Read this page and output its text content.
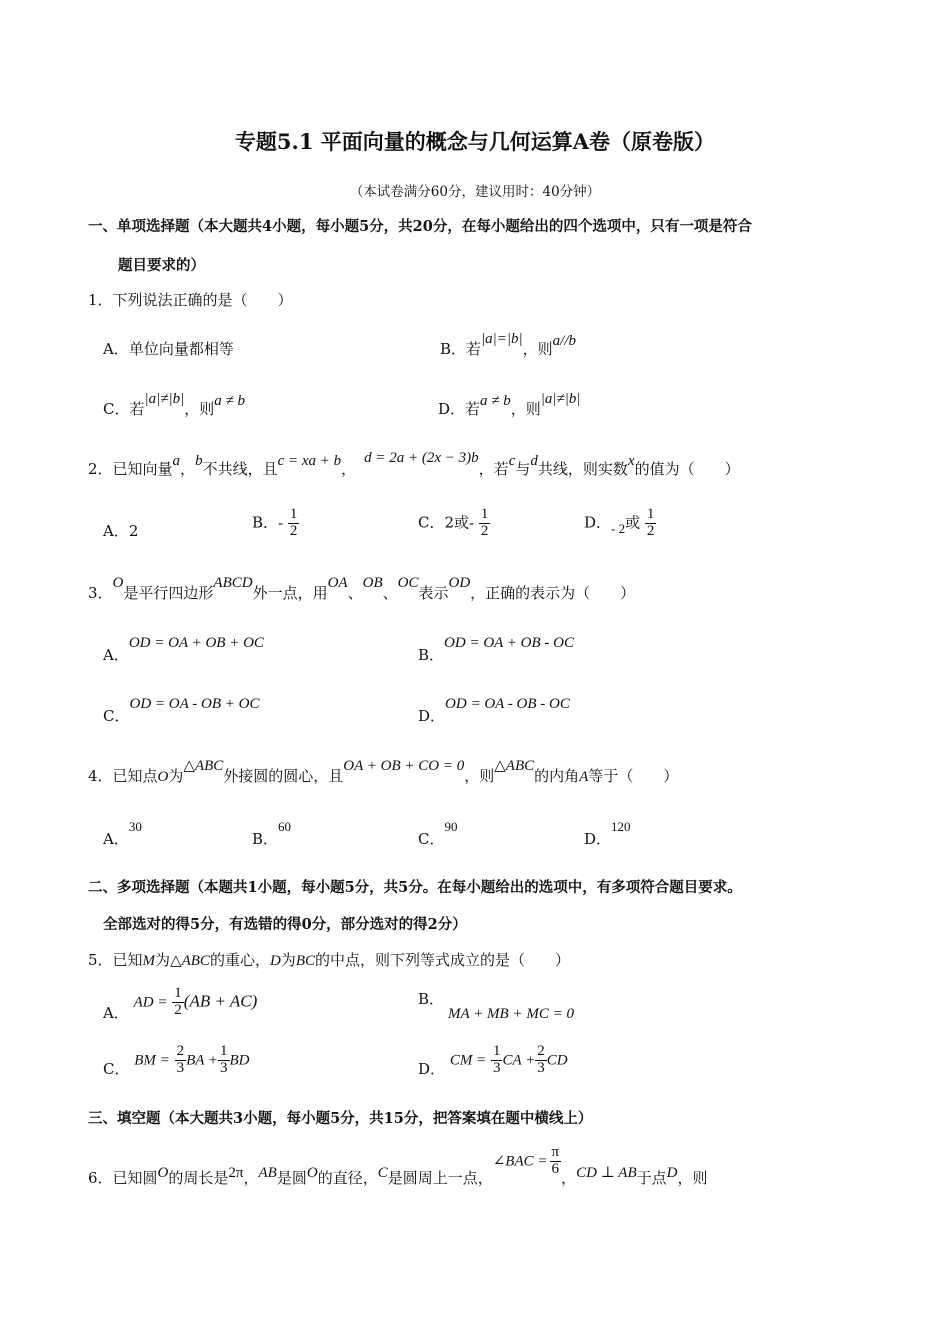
专题5.1 平面向量的概念与几何运算A卷（原卷版）
（本试卷满分60分，建议用时：40分钟）
一、单项选择题（本大题共4小题，每小题5分，共20分，在每小题给出的四个选项中，只有一项是符合
题目要求的）
1．下列说法正确的是（　　）
A．单位向量都相等	B．若|a|=|b|，则a//b
C．若|a|≠|b|，则a ≠ b	D．若a ≠ b，则|a|≠|b|
2．已知向量a，b不共线，且c = xa + b，d = 2a + (2x − 3)b，若c与d共线，则实数x的值为（　　）
A．2	B．- $\frac{1}{2}$	C．2或- $\frac{1}{2}$	D．- 2或 $\frac{1}{2}$
3．O是平行四边形ABCD外一点，用OA、OB、OC表示OD，正确的表示为（　　）
A．OD = OA + OB + OC
B．OD = OA + OB - OC
C．OD = OA - OB + OC
D．OD = OA - OB - OC
4．已知点O为△ABC外接圆的圆心，且OA + OB + CO = 0，则△ABC的内角A等于（　　）
A．30
B．60
C．90
D．120
二、多项选择题（本题共1小题，每小题5分，共5分。在每小题给出的选项中，有多项符合题目要求。
全部选对的得5分，有选错的得0分，部分选对的得2分）
5．已知M为△ABC的重心，D为BC的中点，则下列等式成立的是（　　）
A． AD = $\frac{1}{2} (AB + AC)$	B．MA + MB + MC = 0
C． BM = $\frac{2}{3}$ BA + $\frac{1}{3}$ BD	D． CM = $\frac{1}{3}$ CA + $\frac{2}{3}$ CD
三、填空题（本大题共3小题，每小题5分，共15分，把答案填在题中横线上）
6．已知圆O的周长是2π，AB是圆O的直径，C是圆周上一点，∠BAC = $\frac{\pi}{6}$
，CD ⊥ AB于点D，则
